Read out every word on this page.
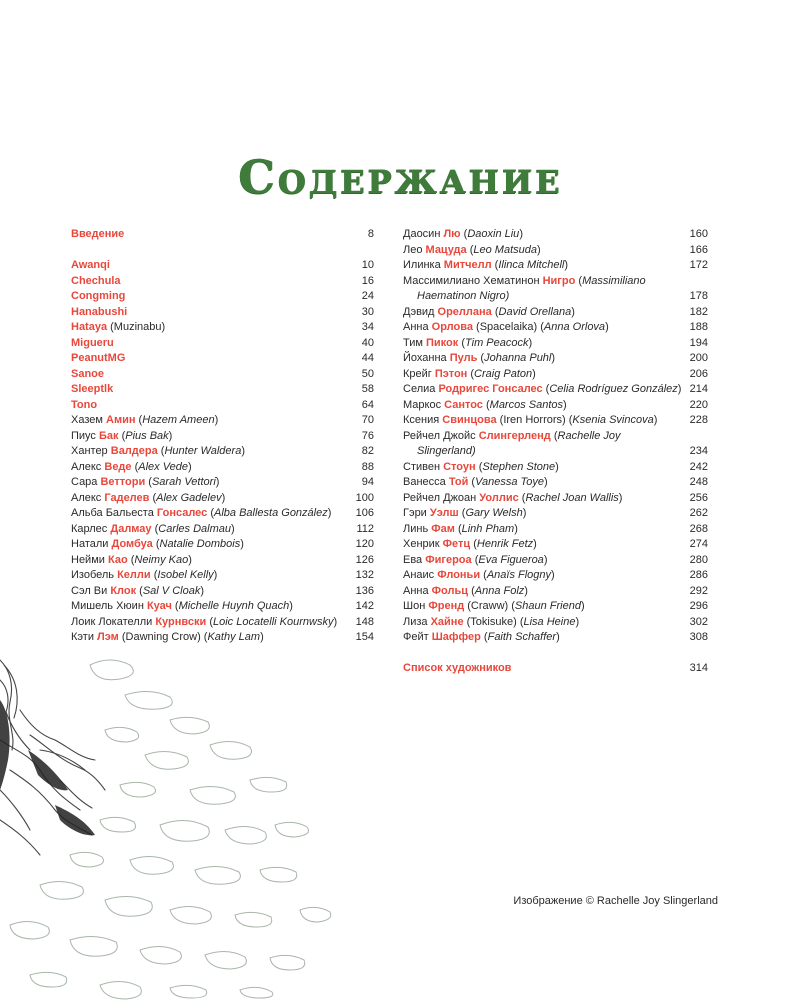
Содержание
Введение	8
Awanqi	10
Chechula	16
Congming	24
Hanabushi	30
Hataya (Muzinabu)	34
Migueru	40
PeanutMG	44
Sanoe	50
Sleeptlk	58
Tono	64
Хазем Амин (Hazem Ameen)	70
Пиус Бак (Pius Bak)	76
Хантер Валдера (Hunter Waldera)	82
Алекс Веде (Alex Vede)	88
Сара Веттори (Sarah Vettori)	94
Алекс Гаделев (Alex Gadelev)	100
Альба Бальеста Гонсалес (Alba Ballesta González)	106
Карлес Далмау (Carles Dalmau)	112
Натали Домбуа (Natalie Dombois)	120
Нейми Као (Neimy Kao)	126
Изобель Келли (Isobel Kelly)	132
Сэл Ви Клок (Sal V Cloak)	136
Мишель Хюин Куач (Michelle Huynh Quach)	142
Лоик Локателли Курнвски (Loic Locatelli Kournwsky)	148
Кэти Лэм (Dawning Crow) (Kathy Lam)	154
Даосин Лю (Daoxin Liu)	160
Лео Мацуда (Leo Matsuda)	166
Илинка Митчелл (Ilinca Mitchell)	172
Массимилиано Хематинон Нигро (Massimiliano
Haematinon Nigro)	178
Дэвид Ореллана (David Orellana)	182
Анна Орлова (Spacelaika) (Anna Orlova)	188
Тим Пикок (Tim Peacock)	194
Йоханна Пуль (Johanna Puhl)	200
Крейг Пэтон (Craig Paton)	206
Селиа Родригес Гонсалес (Celia Rodríguez González) 214
Маркос Сантос (Marcos Santos)	220
Ксения Свинцова (Iren Horrors) (Ksenia Svincova)	228
Рейчел Джойс Слингерленд (Rachelle Joy
Slingerland)	234
Стивен Стоун (Stephen Stone)	242
Ванесса Той (Vanessa Toye)	248
Рейчел Джоан Уоллис (Rachel Joan Wallis)	256
Гэри Уэлш (Gary Welsh)	262
Линь Фам (Linh Pham)	268
Хенрик Фетц (Henrik Fetz)	274
Ева Фигероа (Eva Figueroa)	280
Анаис Флоньи (Anaïs Flogny)	286
Анна Фольц (Anna Folz)	292
Шон Френд (Craww) (Shaun Friend)	296
Лиза Хайне (Tokisuke) (Lisa Heine)	302
Фейт Шаффер (Faith Schaffer)	308
Список художников	314
Изображение © Rachelle Joy Slingerland
